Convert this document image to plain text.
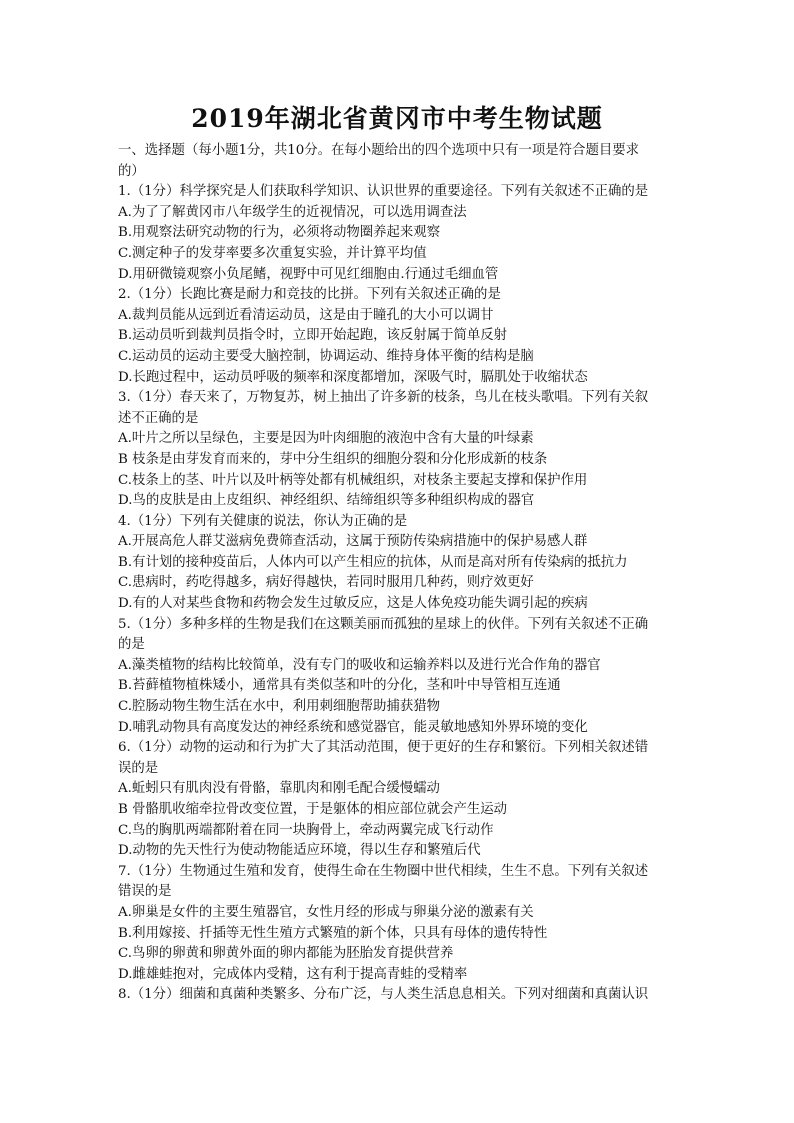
2019年湖北省黄冈市中考生物试题
一、选择题（每小题1分，共10分。在每小题给出的四个选项中只有一项是符合题目要求
的）
1.（1分）科学探究是人们获取科学知识、认识世界的重要途径。下列有关叙述不正确的是
A.为了了解黄冈市八年级学生的近视情况，可以选用调查法
B.用观察法研究动物的行为，必须将动物圈养起来观察
C.测定种子的发芽率要多次重复实验，并计算平均值
D.用研微镜观察小负尾鳍，视野中可见红细胞由.行通过毛细血管
2.（1分）长跑比赛是耐力和竞技的比拼。下列有关叙述正确的是
A.裁判员能从远到近看清运动员，这是由于瞳孔的大小可以调甘
B.运动员听到裁判员指令时，立即开始起跑，该反射属于简单反射
C.运动员的运动主要受大脑控制，协调运动、维持身体平衡的结构是脑
D.长跑过程中，运动员呼吸的频率和深度都增加，深吸气时，膈肌处于收缩状态
3.（1分）春天来了，万物复苏，树上抽出了许多新的枝条，鸟儿在枝头歌唱。下列有关叙
述不正确的是
A.叶片之所以呈绿色，主要是因为叶肉细胞的液泡中含有大量的叶绿素
B 枝条是由芽发育而来的，芽中分生组织的细胞分裂和分化形成新的枝条
C.枝条上的茎、叶片以及叶柄等处都有机械组织，对枝条主要起支撑和保护作用
D.鸟的皮肤是由上皮组织、神经组织、结缔组织等多种组织构成的器官
4.（1分）下列有关健康的说法，你认为正确的是
A.开展高危人群艾滋病免费筛查活动，这属于预防传染病措施中的保护易感人群
B.有计划的接种疫苗后，人体内可以产生相应的抗体，从而是高对所有传染病的抵抗力
C.患病时，药吃得越多，病好得越快，若同时服用几种药，则疗效更好
D.有的人对某些食物和药物会发生过敏反应，这是人体免疫功能失调引起的疾病
5.（1分）多种多样的生物是我们在这颗美丽而孤独的星球上的伙伴。下列有关叙述不正确
的是
A.藻类植物的结构比较简单，没有专门的吸收和运输养料以及进行光合作角的器官
B.苔藓植物植株矮小，通常具有类似茎和叶的分化，茎和叶中导管相互连通
C.腔肠动物生物生活在水中，利用刺细胞帮助捕获猎物
D.哺乳动物具有高度发达的神经系统和感觉器官，能灵敏地感知外界环境的变化
6.（1分）动物的运动和行为扩大了其活动范围，便于更好的生存和繁衍。下列相关叙述错
误的是
A.蚯蚓只有肌肉没有骨骼，靠肌肉和刚毛配合缓慢蠕动
B 骨骼肌收缩牵拉骨改变位置，于是躯体的相应部位就会产生运动
C.鸟的胸肌两端都附着在同一块胸骨上，牵动两翼完成飞行动作
D.动物的先天性行为使动物能适应环境，得以生存和繁殖后代
7.（1分）生物通过生殖和发育，使得生命在生物圈中世代相续，生生不息。下列有关叙述
错误的是
A.卵巢是女件的主要生殖器官，女性月经的形成与卵巢分泌的激素有关
B.利用嫁接、扦插等无性生殖方式繁殖的新个体，只具有母体的遗传特性
C.鸟卵的卵黄和卵黄外面的卵内都能为胚胎发育提供营养
D.雌雄蛙抱对，完成体内受精，这有利于提高青蛙的受精率
8.（1分）细菌和真菌种类繁多、分布广泛，与人类生活息息相关。下列对细菌和真菌认识
